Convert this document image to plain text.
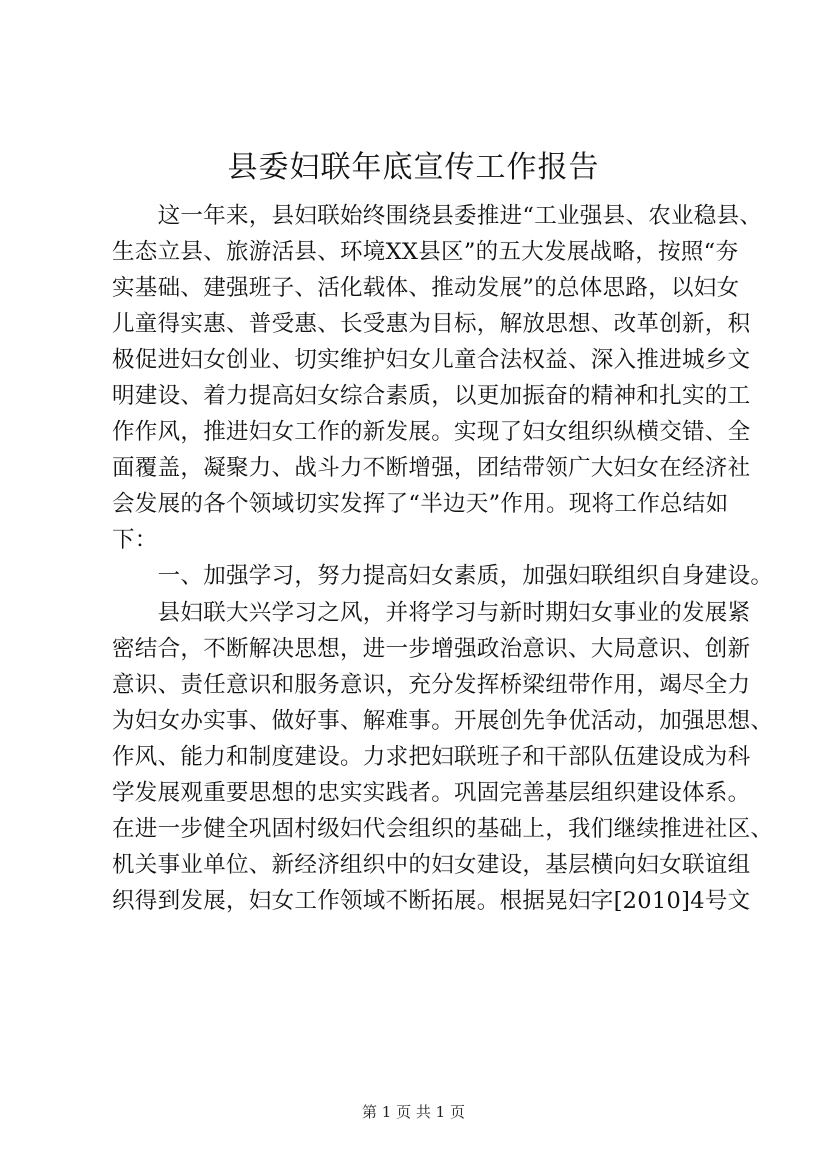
县委妇联年底宣传工作报告
　　这一年来，县妇联始终围绕县委推进“工业强县、农业稳县、
生态立县、旅游活县、环境XX县区”的五大发展战略，按照“夯
实基础、建强班子、活化载体、推动发展”的总体思路，以妇女
儿童得实惠、普受惠、长受惠为目标，解放思想、改革创新，积
极促进妇女创业、切实维护妇女儿童合法权益、深入推进城乡文
明建设、着力提高妇女综合素质，以更加振奋的精神和扎实的工
作作风，推进妇女工作的新发展。实现了妇女组织纵横交错、全
面覆盖，凝聚力、战斗力不断增强，团结带领广大妇女在经济社
会发展的各个领域切实发挥了“半边天”作用。现将工作总结如
下：
　　一、加强学习，努力提高妇女素质，加强妇联组织自身建设。
　　县妇联大兴学习之风，并将学习与新时期妇女事业的发展紧
密结合，不断解决思想，进一步增强政治意识、大局意识、创新
意识、责任意识和服务意识，充分发挥桥梁纽带作用，竭尽全力
为妇女办实事、做好事、解难事。开展创先争优活动，加强思想、
作风、能力和制度建设。力求把妇联班子和干部队伍建设成为科
学发展观重要思想的忠实实践者。巩固完善基层组织建设体系。
在进一步健全巩固村级妇代会组织的基础上，我们继续推进社区、
机关事业单位、新经济组织中的妇女建设，基层横向妇女联谊组
织得到发展，妇女工作领域不断拓展。根据晃妇字[2010]4号文
第 1 页 共 1 页
